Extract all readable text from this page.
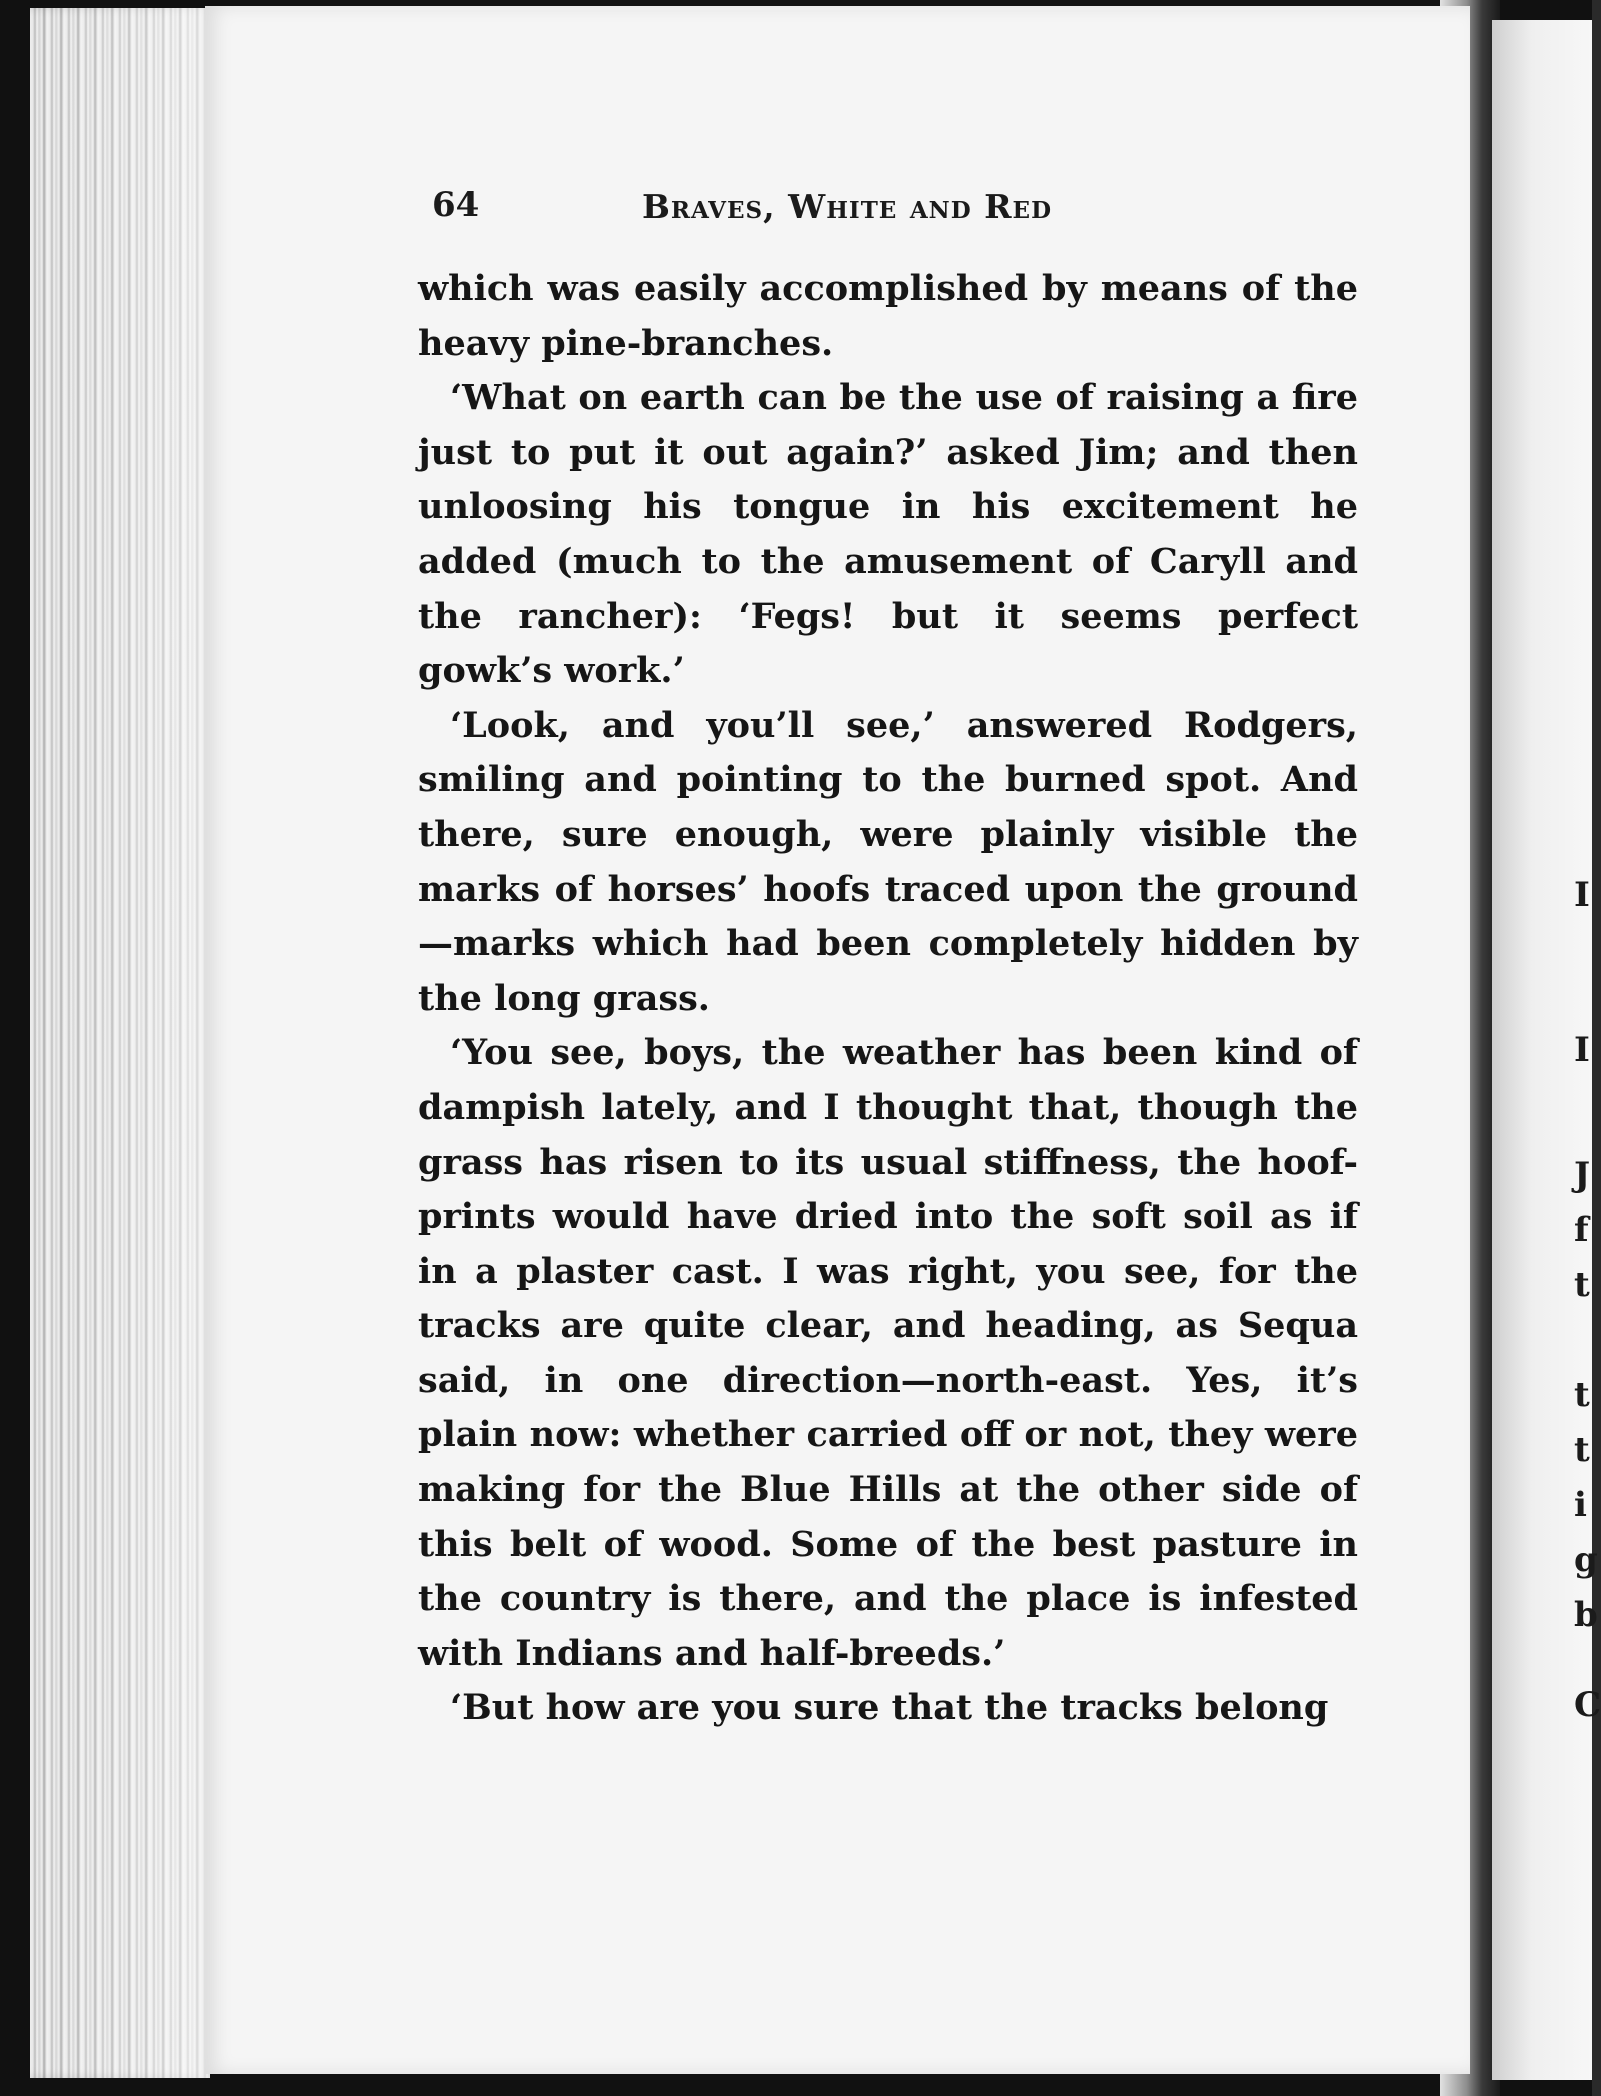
I
I
J
f
t
t
t
i
g
b
C
64	Braves, White and Red

which was easily accomplished by means of the heavy pine-branches.

‘What on earth can be the use of raising a fire just to put it out again?’ asked Jim; and then unloosing his tongue in his excitement he added (much to the amusement of Caryll and the rancher): ‘Fegs! but it seems perfect gowk’s work.’

‘Look, and you’ll see,’ answered Rodgers, smiling and pointing to the burned spot. And there, sure enough, were plainly visible the marks of horses’ hoofs traced upon the ground —marks which had been completely hidden by the long grass.

‘You see, boys, the weather has been kind of dampish lately, and I thought that, though the grass has risen to its usual stiffness, the hoof-prints would have dried into the soft soil as if in a plaster cast. I was right, you see, for the tracks are quite clear, and heading, as Sequa said, in one direction—north-east. Yes, it’s plain now: whether carried off or not, they were making for the Blue Hills at the other side of this belt of wood. Some of the best pasture in the country is there, and the place is infested with Indians and half-breeds.’

‘But how are you sure that the tracks belong
